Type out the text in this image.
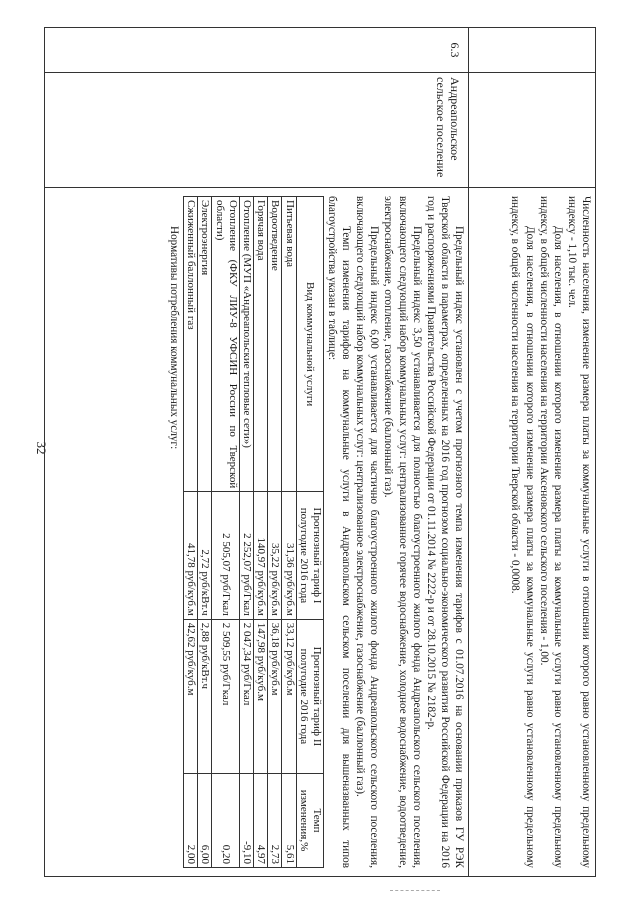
32
			Численность населения, изменение размера платы за коммунальные услуги в отношении которого равно установленному предельному индексу - 1,10 тыс. чел.

Доля населения, в отношении которого изменение размера платы за коммунальные услуги равно установленному предельному индексу, в общей численности населения на территории Аксеновского сельского поселения - 1,00.

Доля населения, в отношении которого изменение размера платы за коммунальные услуги равно установленному предельному индексу, в общей численности населения на территории Тверской области - 0,0008.

6.3	Андреапольское сельское поселение	

Предельный индекс установлен с учетом прогнозного темпа изменения тарифов с 01.07.2016 на основании приказов ГУ РЭК Тверской области в параметрах, определенных на 2016 год прогнозом социально-экономического развития Российской Федерации на 2016 год и распоряжениями Правительства Российской Федерации от 01.11.2014 № 2222-р и от 28.10.2015 № 2182-р.

Предельный индекс 3,50 устанавливается для полностью благоустроенного жилого фонда Андреапольского сельского поселения, включающего следующий набор коммунальных услуг: централизованное горячее водоснабжение, холодное водоснабжение, водоотведение, электроснабжение, отопление, газоснабжение (баллонный газ).

Предельный индекс 6,00 устанавливается для частично благоустроенного жилого фонда Андреапольского сельского поселения, включающего следующий набор коммунальных услуг: централизованное электроснабжение, газоснабжение (баллонный газ).

Темп изменения тарифов на коммунальные услуги в Андреапольском сельском поселении для вышеназванных типов благоустройства указан в таблице:

Вид коммунальной услуги	Прогнозный тариф I полугодие 2016 года	Прогнозный тариф II полугодие 2016 года	Темп изменения,%
Питьевая вода	31,36 руб/куб.м	33,12 руб/куб.м	5,61
Водоотведение	35,22 руб/куб.м	36,18 руб/куб.м	2,73
Горячая вода	140,97 руб/куб.м	147,98 руб/куб.м	4,97
Отопление (МУП «Андреапольские тепловые сети»)	2 252,07 руб/Гкал	2 047,34 руб/Гкал	-9,10
Отопление (ФКУ ЛИУ-8 УФСИН России по Тверской области)	2 505,07 руб/Гкал	2 509,55 руб/Гкал	0,20
Электроэнергия	2,72 руб/кВт.ч	2,88 руб/кВт.ч	6,00
Сжиженный баллонный газ	41,78 руб/куб.м	42,62 руб/куб.м	2,00

Нормативы потребления коммунальных услуг:
